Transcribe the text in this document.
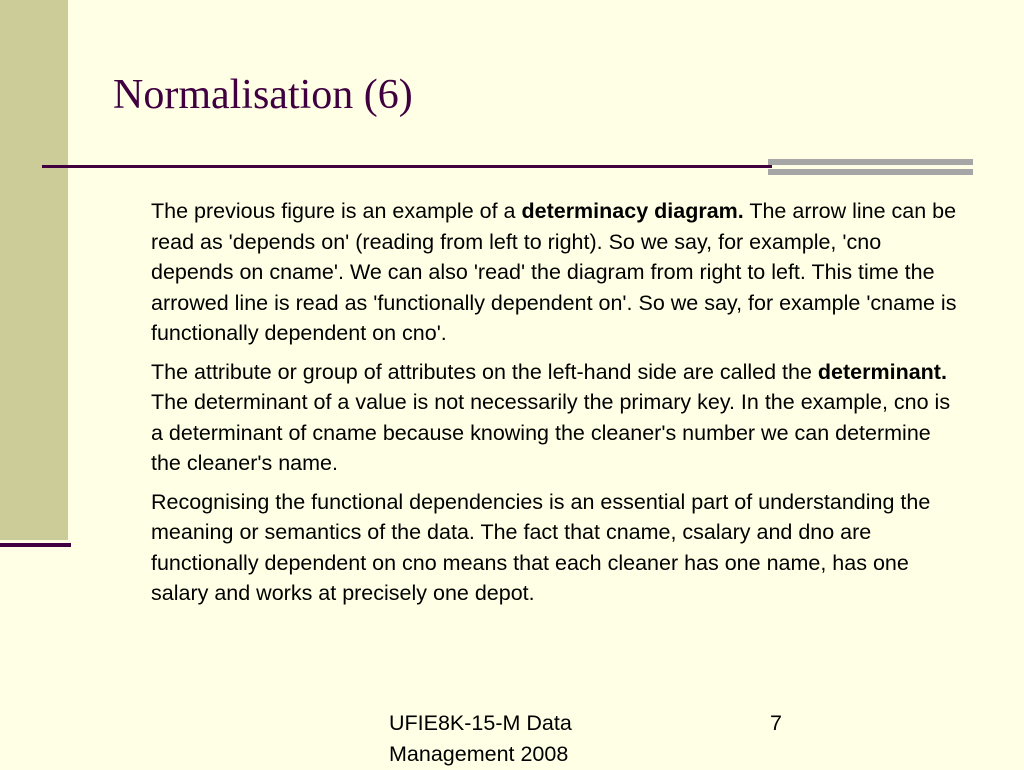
Normalisation (6)

The previous figure is an example of a determinacy diagram. The arrow line can be read as 'depends on' (reading from left to right). So we say, for example, 'cno depends on cname'. We can also 'read' the diagram from right to left. This time the arrowed line is read as 'functionally dependent on'. So we say, for example 'cname is functionally dependent on cno'.

The attribute or group of attributes on the left-hand side are called the determinant. The determinant of a value is not necessarily the primary key. In the example, cno is a determinant of cname because knowing the cleaner's number we can determine the cleaner's name.

Recognising the functional dependencies is an essential part of understanding the meaning or semantics of the data. The fact that cname, csalary and dno are functionally dependent on cno means that each cleaner has one name, has one salary and works at precisely one depot.

UFIE8K-15-M Data Management 2008
7
